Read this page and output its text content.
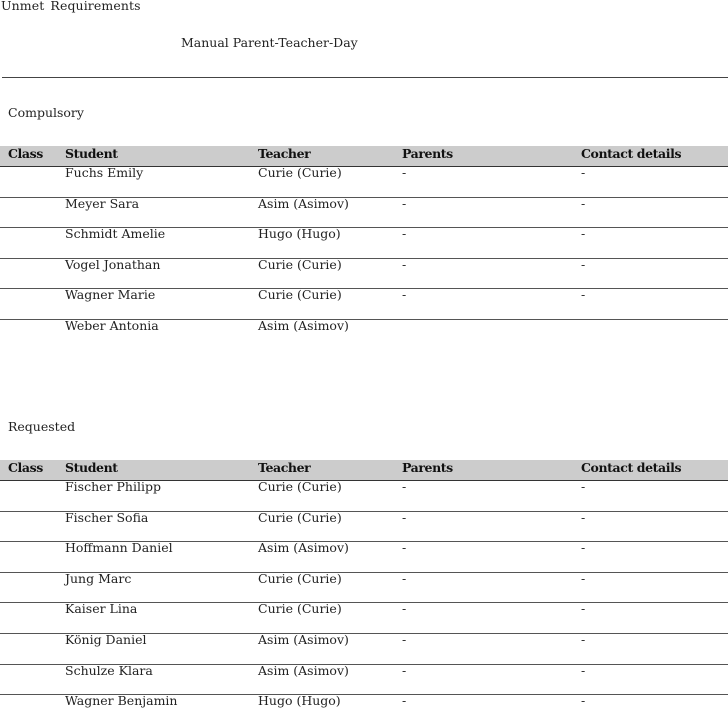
Unmet Requirements
Manual Parent-Teacher-Day
Compulsory
Class Student	Teacher	Parents	Contact details
Fuchs Emily	Curie (Curie)	-	-
Meyer Sara	Asim (Asimov)	-	-
Schmidt Amelie	Hugo (Hugo)	-	-
Vogel Jonathan	Curie (Curie)	-	-
Wagner Marie	Curie (Curie)	-	-
Weber Antonia	Asim (Asimov)
Requested
Class Student	Teacher	Parents	Contact details
Fischer Philipp	Curie (Curie)	-	-
Fischer Sofia	Curie (Curie)	-	-
Hoffmann Daniel	Asim (Asimov)	-	-
Jung Marc	Curie (Curie)	-	-
Kaiser Lina	Curie (Curie)	-	-
König Daniel	Asim (Asimov)	-	-
Schulze Klara	Asim (Asimov)	-	-
Wagner Benjamin	Hugo (Hugo)	-	-
